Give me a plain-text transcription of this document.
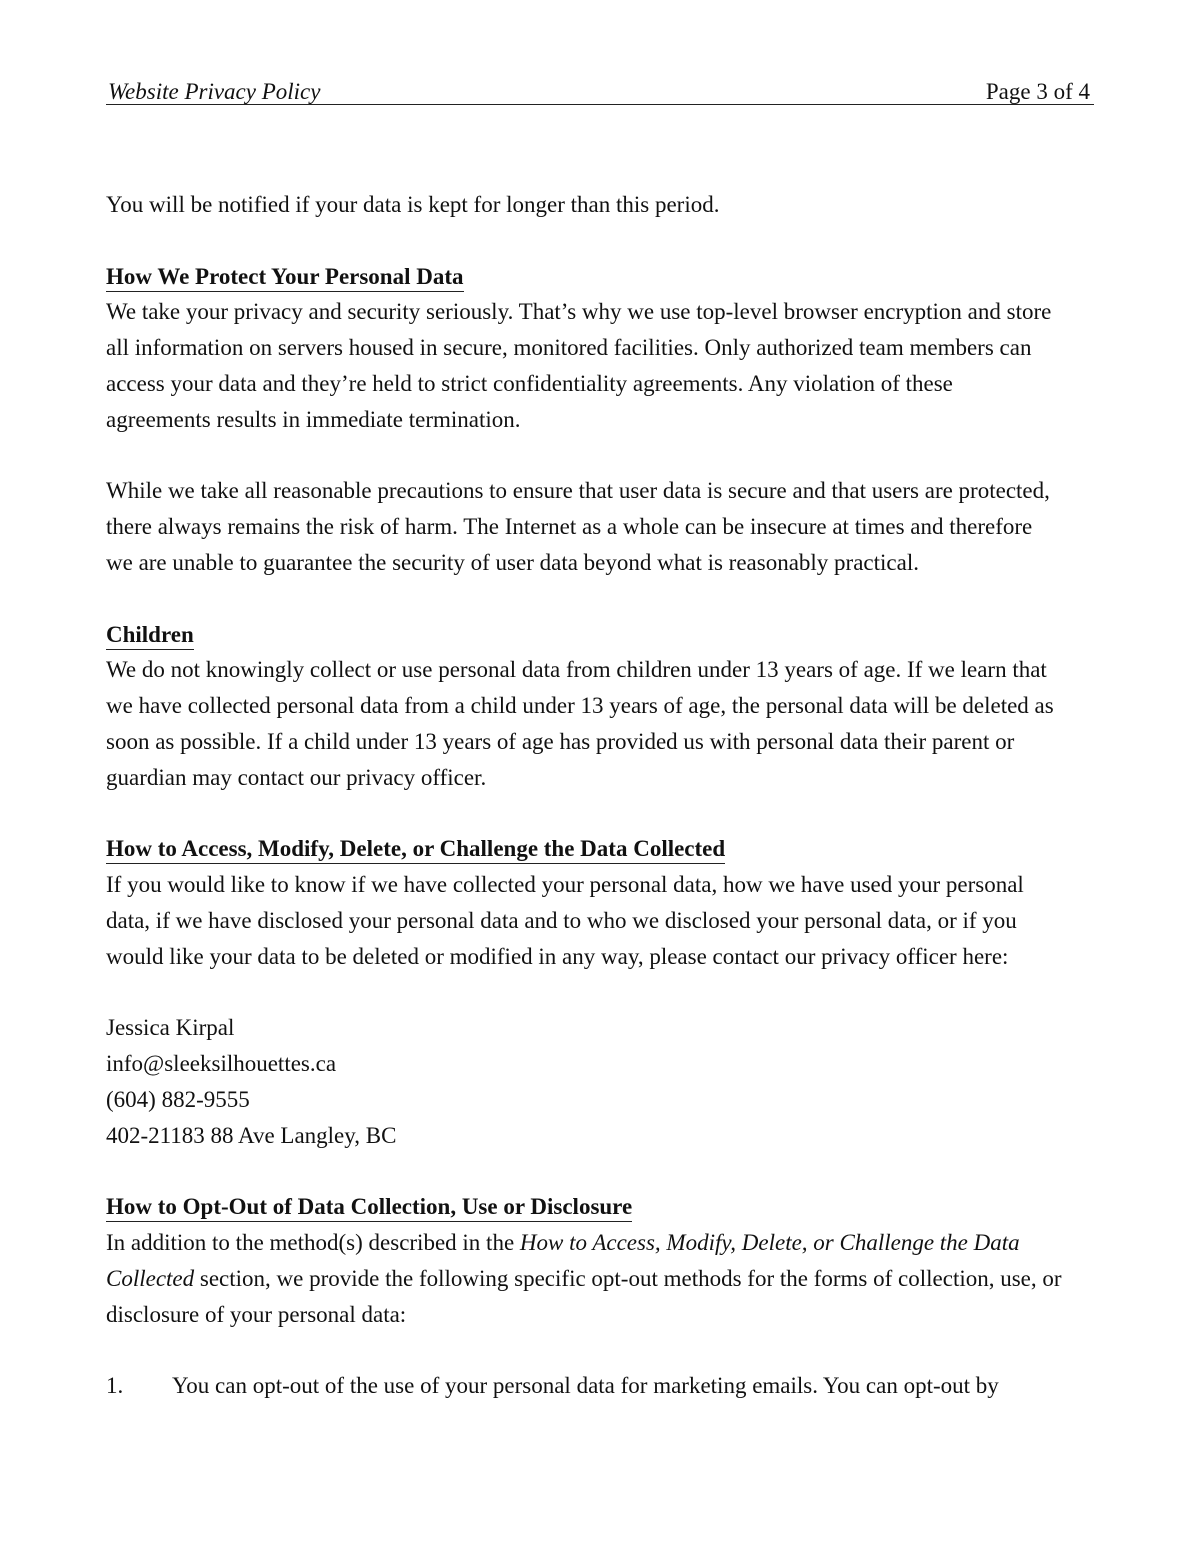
Website Privacy Policy	Page 3 of 4

You will be notified if your data is kept for longer than this period.

How We Protect Your Personal Data

We take your privacy and security seriously. That’s why we use top-level browser encryption and store

all information on servers housed in secure, monitored facilities. Only authorized team members can

access your data and they’re held to strict confidentiality agreements. Any violation of these

agreements results in immediate termination.

While we take all reasonable precautions to ensure that user data is secure and that users are protected,

there always remains the risk of harm. The Internet as a whole can be insecure at times and therefore

we are unable to guarantee the security of user data beyond what is reasonably practical.

Children

We do not knowingly collect or use personal data from children under 13 years of age. If we learn that

we have collected personal data from a child under 13 years of age, the personal data will be deleted as

soon as possible. If a child under 13 years of age has provided us with personal data their parent or

guardian may contact our privacy officer.

How to Access, Modify, Delete, or Challenge the Data Collected

If you would like to know if we have collected your personal data, how we have used your personal

data, if we have disclosed your personal data and to who we disclosed your personal data, or if you

would like your data to be deleted or modified in any way, please contact our privacy officer here:

Jessica Kirpal

info@sleeksilhouettes.ca

(604) 882-9555

402-21183 88 Ave Langley, BC

How to Opt-Out of Data Collection, Use or Disclosure

In addition to the method(s) described in the How to Access, Modify, Delete, or Challenge the Data

Collected section, we provide the following specific opt-out methods for the forms of collection, use, or

disclosure of your personal data:

1. You can opt-out of the use of your personal data for marketing emails. You can opt-out by
